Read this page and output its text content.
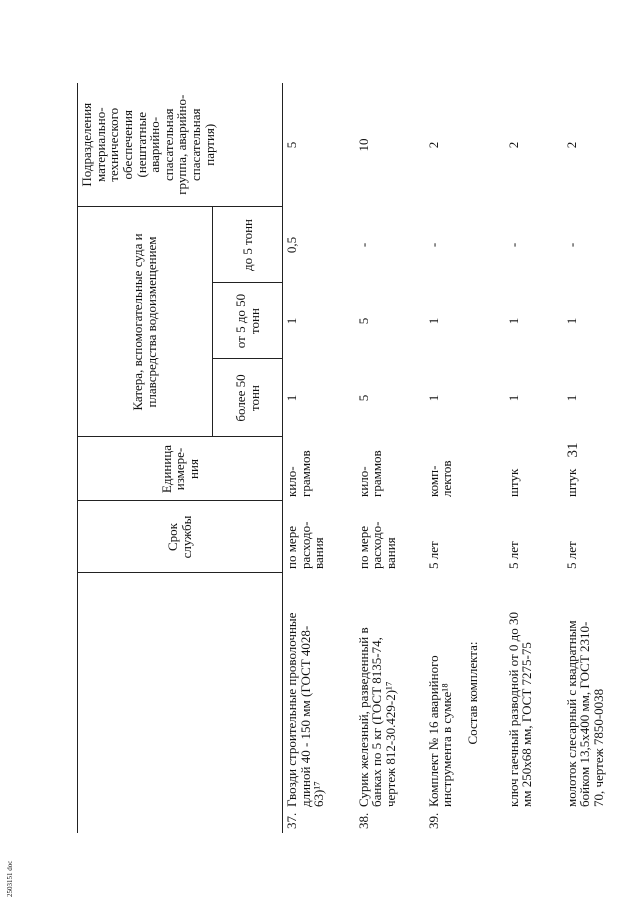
2503151 doc
31
	Срок службы	Единица измере-ния	Катера, вспомогательные суда и плавсредства водоизмещением			Подразделения материально-технического обеспечения (нештатные аварийно-спасательная группа, аварийно-спасательная партия)
			более 50 тонн	от 5 до 50 тонн	до 5 тонн	
37.Гвозди строительные проволочные длиной 40 - 150 мм (ГОСТ 4028-63)¹⁷	по мере расходо-вания	кило-граммов	1	1	0,5	5
38.Сурик железный, разведенный в банках по 5 кг (ГОСТ 8135-74, чертеж 812-30.429-2)¹⁷	по мере расходо-вания	кило-граммов	5	5	-	10
39.Комплект № 16 аварийного инструмента в сумке¹⁸ Состав комплекта:	5 лет	комп-лектов	1	1	-	2
ключ гаечный разводной от 0 до 30 мм 250х68 мм, ГОСТ 7275-75	5 лет	штук	1	1	-	2
молоток слесарный с квадратным бойком 13,5х400 мм, ГОСТ 2310-70, чертеж 7850-0038	5 лет	штук	1	1	-	2
